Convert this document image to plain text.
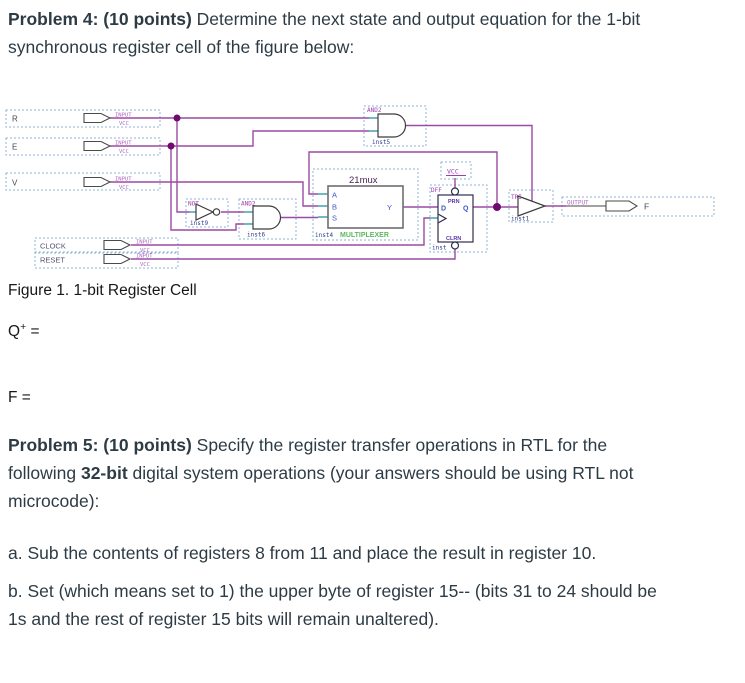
Problem 4: (10 points) Determine the next state and output equation for the 1-bit
synchronous register cell of the figure below:
R
E
V
CLOCK
RESET
INPUT
VCC
INPUT
VCC
INPUT
VCC
INPUT
VCC
INPUT
VCC
AND2
inst5
NOT
inst9
AND2
inst6
21mux
A
B
S
Y
inst4 MULTIPLEXER
VCC
DFF
PRN
D Q
CLRN
inst
TRI
inst1
OUTPUT	F
Figure 1. 1-bit Register Cell
Q+ =
F =
Problem 5: (10 points) Specify the register transfer operations in RTL for the
following 32-bit digital system operations (your answers should be using RTL not
microcode):
a. Sub the contents of registers 8 from 11 and place the result in register 10.
b. Set (which means set to 1) the upper byte of register 15-- (bits 31 to 24 should be
1s and the rest of register 15 bits will remain unaltered).
